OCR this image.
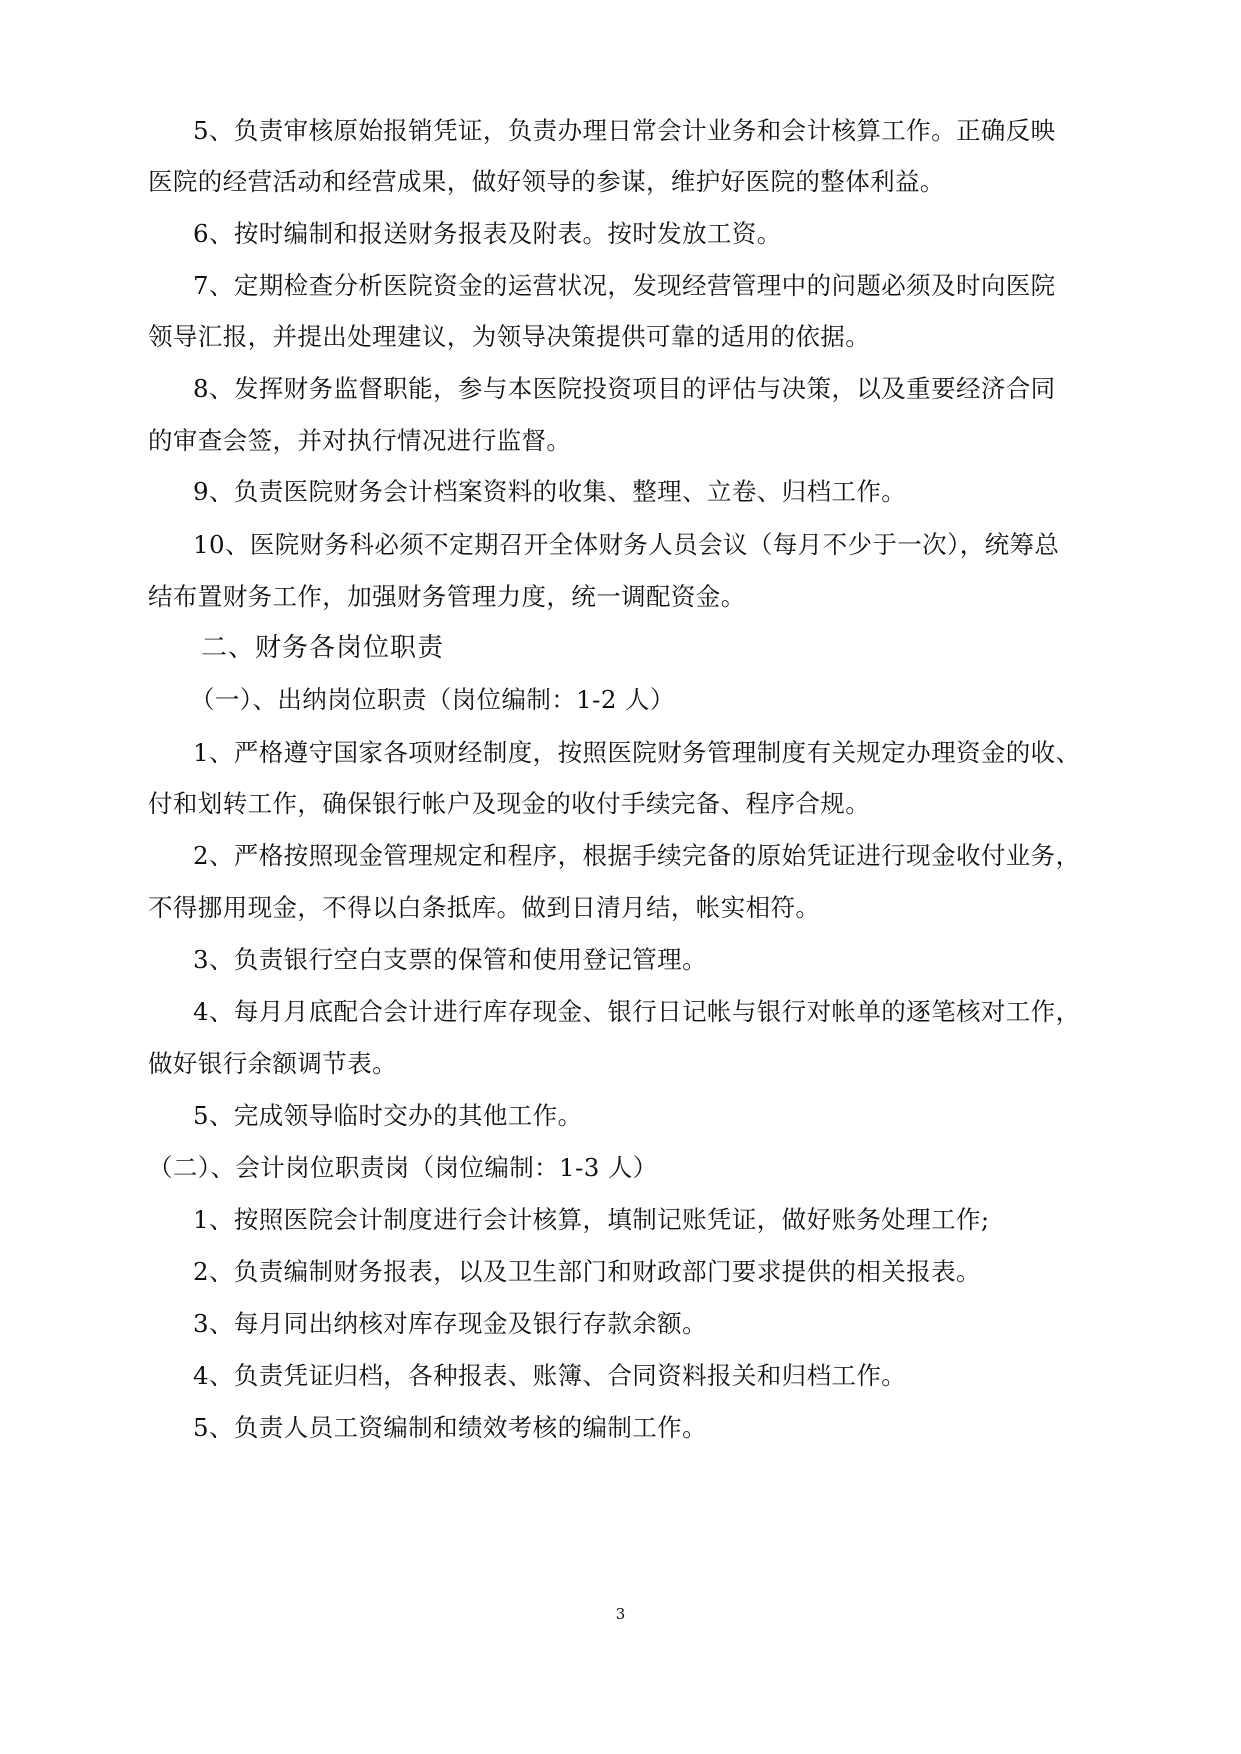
5、负责审核原始报销凭证，负责办理日常会计业务和会计核算工作。正确反映
医院的经营活动和经营成果，做好领导的参谋，维护好医院的整体利益。
6、按时编制和报送财务报表及附表。按时发放工资。
7、定期检查分析医院资金的运营状况，发现经营管理中的问题必须及时向医院
领导汇报，并提出处理建议，为领导决策提供可靠的适用的依据。
8、发挥财务监督职能，参与本医院投资项目的评估与决策，以及重要经济合同
的审查会签，并对执行情况进行监督。
9、负责医院财务会计档案资料的收集、整理、立卷、归档工作。
10、医院财务科必须不定期召开全体财务人员会议（每月不少于一次），统筹总
结布置财务工作，加强财务管理力度，统一调配资金。
二、财务各岗位职责
（一）、出纳岗位职责（岗位编制：1-2 人）
1、严格遵守国家各项财经制度，按照医院财务管理制度有关规定办理资金的收、
付和划转工作，确保银行帐户及现金的收付手续完备、程序合规。
2、严格按照现金管理规定和程序，根据手续完备的原始凭证进行现金收付业务，
不得挪用现金，不得以白条抵库。做到日清月结，帐实相符。
3、负责银行空白支票的保管和使用登记管理。
4、每月月底配合会计进行库存现金、银行日记帐与银行对帐单的逐笔核对工作，
做好银行余额调节表。
5、完成领导临时交办的其他工作。
（二）、会计岗位职责岗（岗位编制：1-3 人）
1、按照医院会计制度进行会计核算，填制记账凭证，做好账务处理工作;
2、负责编制财务报表，以及卫生部门和财政部门要求提供的相关报表。
3、每月同出纳核对库存现金及银行存款余额。
4、负责凭证归档，各种报表、账簿、合同资料报关和归档工作。
5、负责人员工资编制和绩效考核的编制工作。
3
